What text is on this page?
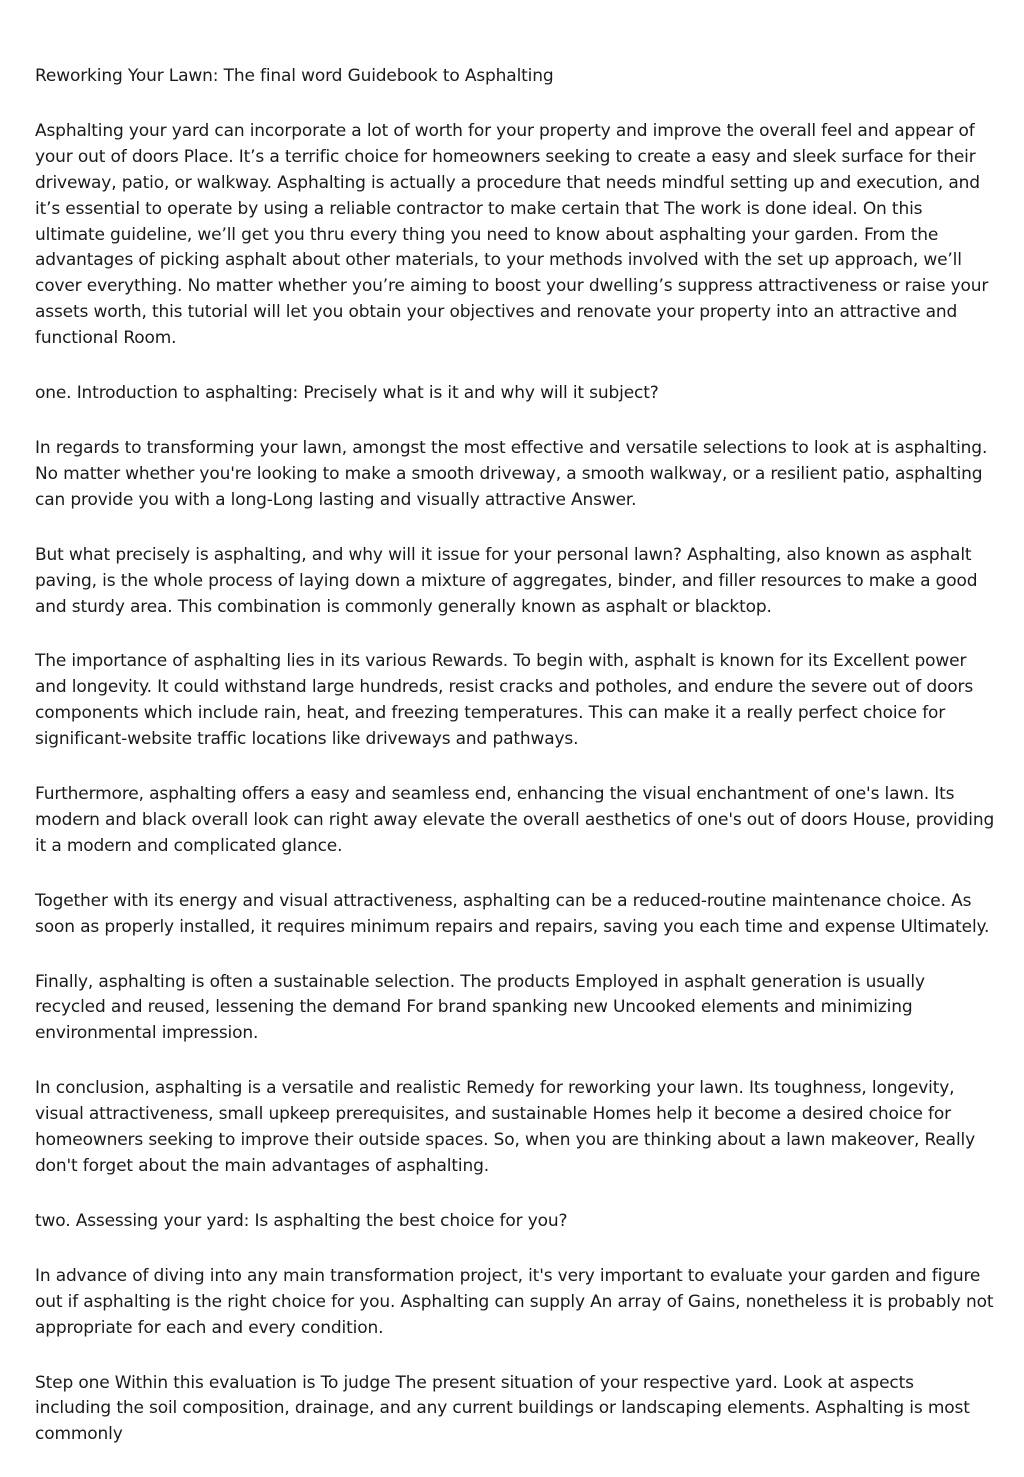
Reworking Your Lawn: The final word Guidebook to Asphalting

Asphalting your yard can incorporate a lot of worth for your property and improve the overall feel and appear of your out of doors Place. It’s a terrific choice for homeowners seeking to create a easy and sleek surface for their driveway, patio, or walkway. Asphalting is actually a procedure that needs mindful setting up and execution, and it’s essential to operate by using a reliable contractor to make certain that The work is done ideal. On this ultimate guideline, we’ll get you thru every thing you need to know about asphalting your garden. From the advantages of picking asphalt about other materials, to your methods involved with the set up approach, we’ll cover everything. No matter whether you’re aiming to boost your dwelling’s suppress attractiveness or raise your assets worth, this tutorial will let you obtain your objectives and renovate your property into an attractive and functional Room.

one. Introduction to asphalting: Precisely what is it and why will it subject?

In regards to transforming your lawn, amongst the most effective and versatile selections to look at is asphalting. No matter whether you're looking to make a smooth driveway, a smooth walkway, or a resilient patio, asphalting can provide you with a long-Long lasting and visually attractive Answer.

But what precisely is asphalting, and why will it issue for your personal lawn? Asphalting, also known as asphalt paving, is the whole process of laying down a mixture of aggregates, binder, and filler resources to make a good and sturdy area. This combination is commonly generally known as asphalt or blacktop.

The importance of asphalting lies in its various Rewards. To begin with, asphalt is known for its Excellent power and longevity. It could withstand large hundreds, resist cracks and potholes, and endure the severe out of doors components which include rain, heat, and freezing temperatures. This can make it a really perfect choice for significant-website traffic locations like driveways and pathways.

Furthermore, asphalting offers a easy and seamless end, enhancing the visual enchantment of one's lawn. Its modern and black overall look can right away elevate the overall aesthetics of one's out of doors House, providing it a modern and complicated glance.

Together with its energy and visual attractiveness, asphalting can be a reduced-routine maintenance choice. As soon as properly installed, it requires minimum repairs and repairs, saving you each time and expense Ultimately.

Finally, asphalting is often a sustainable selection. The products Employed in asphalt generation is usually recycled and reused, lessening the demand For brand spanking new Uncooked elements and minimizing environmental impression.

In conclusion, asphalting is a versatile and realistic Remedy for reworking your lawn. Its toughness, longevity, visual attractiveness, small upkeep prerequisites, and sustainable Homes help it become a desired choice for homeowners seeking to improve their outside spaces. So, when you are thinking about a lawn makeover, Really don't forget about the main advantages of asphalting.

two. Assessing your yard: Is asphalting the best choice for you?

In advance of diving into any main transformation project, it's very important to evaluate your garden and figure out if asphalting is the right choice for you. Asphalting can supply An array of Gains, nonetheless it is probably not appropriate for each and every condition.

Step one Within this evaluation is To judge The present situation of your respective yard. Look at aspects including the soil composition, drainage, and any current buildings or landscaping elements. Asphalting is most commonly
